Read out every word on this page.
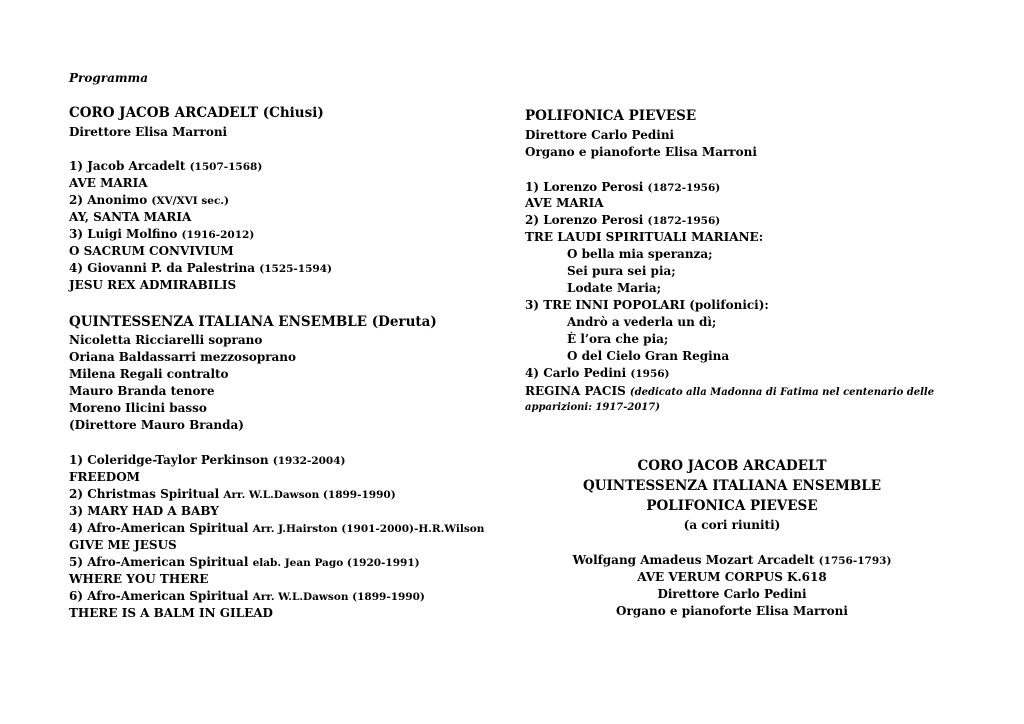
Programma
CORO JACOB ARCADELT (Chiusi)
Direttore Elisa Marroni
1) Jacob Arcadelt (1507-1568)
AVE MARIA
2) Anonimo (XV/XVI sec.)
AY, SANTA MARIA
3) Luigi Molfino (1916-2012)
O SACRUM CONVIVIUM
4) Giovanni P. da Palestrina (1525-1594)
JESU REX ADMIRABILIS
QUINTESSENZA ITALIANA ENSEMBLE (Deruta)
Nicoletta Ricciarelli soprano
Oriana Baldassarri mezzosoprano
Milena Regali contralto
Mauro Branda tenore
Moreno Ilicini basso
(Direttore Mauro Branda)
1) Coleridge-Taylor Perkinson (1932-2004)
FREEDOM
2) Christmas Spiritual Arr. W.L.Dawson (1899-1990)
3) MARY HAD A BABY
4) Afro-American Spiritual Arr. J.Hairston (1901-2000)-H.R.Wilson
GIVE ME JESUS
5) Afro-American Spiritual elab. Jean Pago (1920-1991)
WHERE YOU THERE
6) Afro-American Spiritual Arr. W.L.Dawson (1899-1990)
THERE IS A BALM IN GILEAD
POLIFONICA PIEVESE
Direttore Carlo Pedini
Organo e pianoforte Elisa Marroni
1) Lorenzo Perosi (1872-1956)
AVE MARIA
2) Lorenzo Perosi (1872-1956)
TRE LAUDI SPIRITUALI MARIANE:
O bella mia speranza;
Sei pura sei pia;
Lodate Maria;
3) TRE INNI POPOLARI (polifonici):
Andrò a vederla un dì;
È l’ora che pia;
O del Cielo Gran Regina
4) Carlo Pedini (1956)
REGINA PACIS (dedicato alla Madonna di Fatima nel centenario delle
apparizioni: 1917-2017)
CORO JACOB ARCADELT
QUINTESSENZA ITALIANA ENSEMBLE
POLIFONICA PIEVESE
(a cori riuniti)
Wolfgang Amadeus Mozart Arcadelt (1756-1793)
AVE VERUM CORPUS K.618
Direttore Carlo Pedini
Organo e pianoforte Elisa Marroni
